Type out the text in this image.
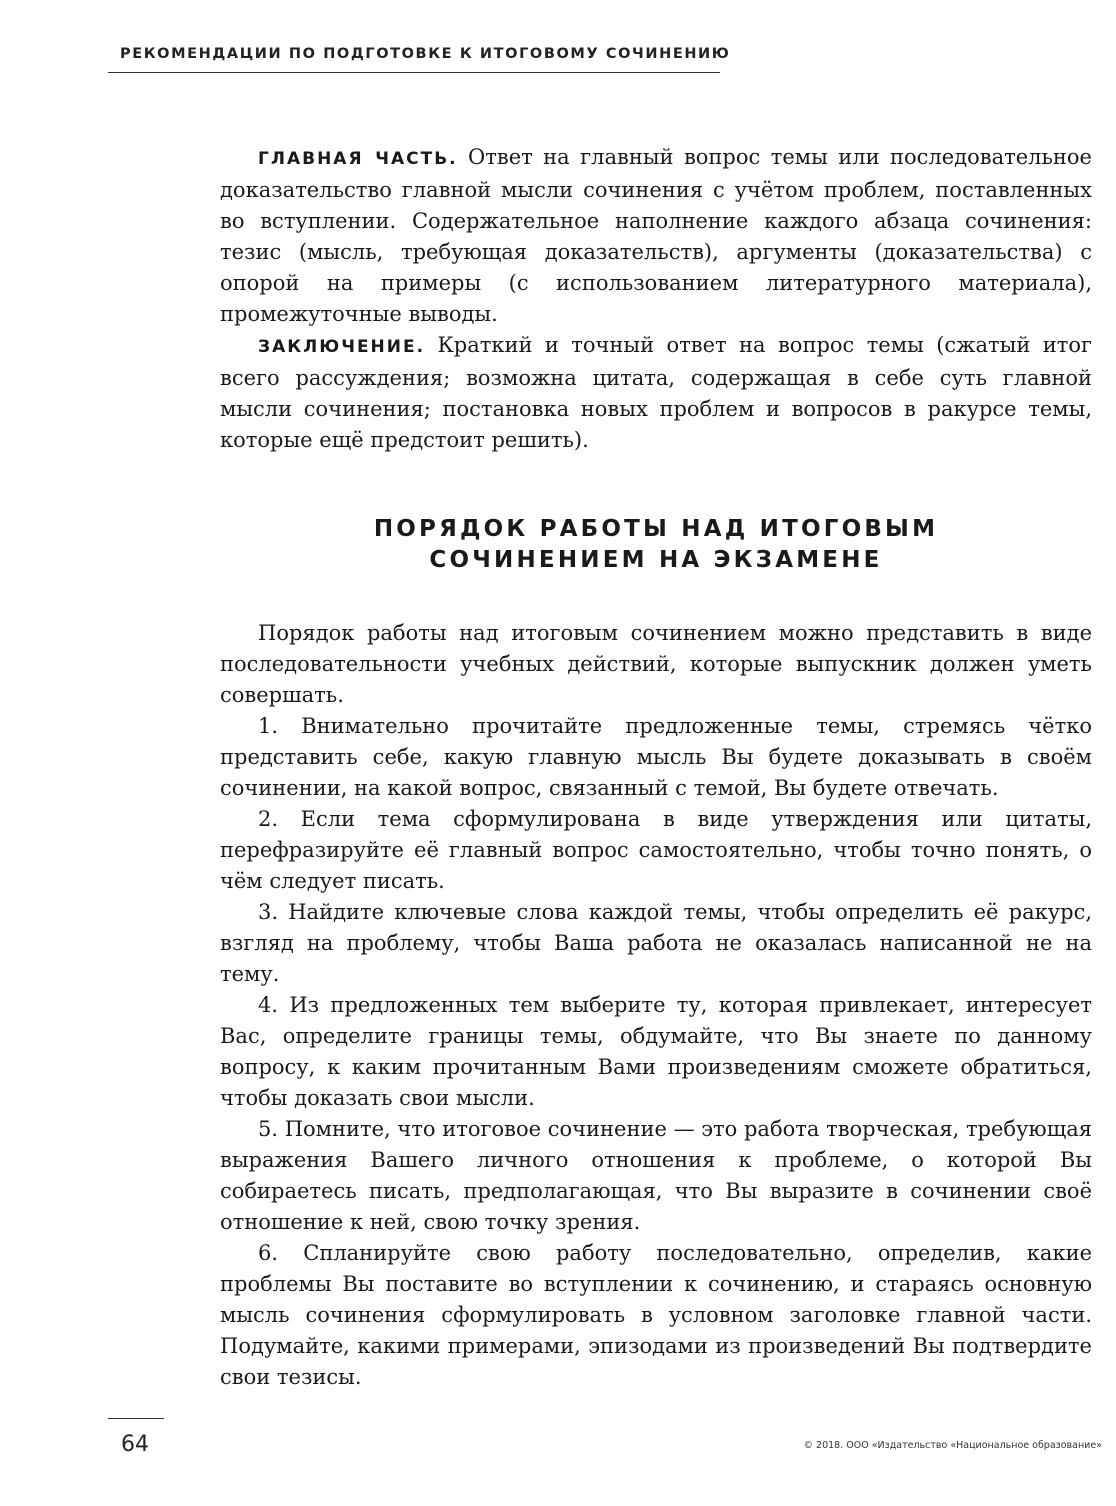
РЕКОМЕНДАЦИИ ПО ПОДГОТОВКЕ К ИТОГОВОМУ СОЧИНЕНИЮ

ГЛАВНАЯ ЧАСТЬ. Ответ на главный вопрос темы или последовательное доказательство главной мысли сочинения с учётом проблем, поставленных во вступлении. Содержательное наполнение каждого абзаца сочинения: тезис (мысль, требующая доказательств), аргументы (доказательства) с опорой на примеры (с использованием литературного материала), промежуточные выводы.

ЗАКЛЮЧЕНИЕ. Краткий и точный ответ на вопрос темы (сжатый итог всего рассуждения; возможна цитата, содержащая в себе суть главной мысли сочинения; постановка новых проблем и вопросов в ракурсе темы, которые ещё предстоит решить).

ПОРЯДОК РАБОТЫ НАД ИТОГОВЫМ
СОЧИНЕНИЕМ НА ЭКЗАМЕНЕ

Порядок работы над итоговым сочинением можно представить в виде последовательности учебных действий, которые выпускник должен уметь совершать.

1. Внимательно прочитайте предложенные темы, стремясь чётко представить себе, какую главную мысль Вы будете доказывать в своём сочинении, на какой вопрос, связанный с темой, Вы будете отвечать.

2. Если тема сформулирована в виде утверждения или цитаты, перефразируйте её главный вопрос самостоятельно, чтобы точно понять, о чём следует писать.

3. Найдите ключевые слова каждой темы, чтобы определить её ракурс, взгляд на проблему, чтобы Ваша работа не оказалась написанной не на тему.

4. Из предложенных тем выберите ту, которая привлекает, интересует Вас, определите границы темы, обдумайте, что Вы знаете по данному вопросу, к каким прочитанным Вами произведениям сможете обратиться, чтобы доказать свои мысли.

5. Помните, что итоговое сочинение — это работа творческая, требующая выражения Вашего личного отношения к проблеме, о которой Вы собираетесь писать, предполагающая, что Вы выразите в сочинении своё отношение к ней, свою точку зрения.

6. Спланируйте свою работу последовательно, определив, какие проблемы Вы поставите во вступлении к сочинению, и стараясь основную мысль сочинения сформулировать в условном заголовке главной части. Подумайте, какими примерами, эпизодами из произведений Вы подтвердите свои тезисы.

64	© 2018. ООО «Издательство «Национальное образование»
